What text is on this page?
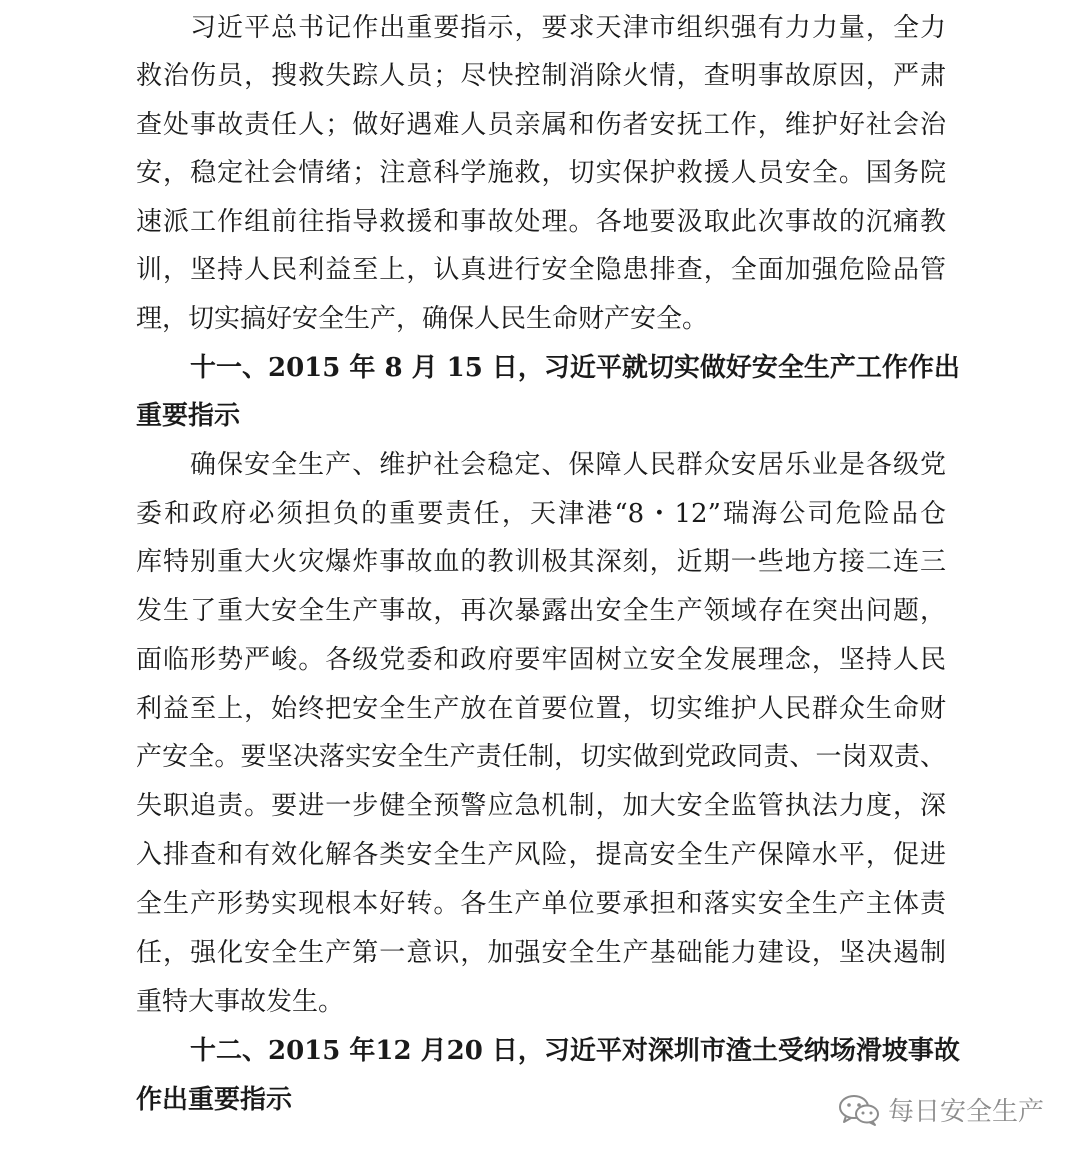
习近平总书记作出重要指示，要求天津市组织强有力力量，全力
救治伤员，搜救失踪人员；尽快控制消除火情，查明事故原因，严肃
查处事故责任人；做好遇难人员亲属和伤者安抚工作，维护好社会治
安，稳定社会情绪；注意科学施救，切实保护救援人员安全。国务院
速派工作组前往指导救援和事故处理。各地要汲取此次事故的沉痛教
训，坚持人民利益至上，认真进行安全隐患排查，全面加强危险品管
理，切实搞好安全生产，确保人民生命财产安全。
十一、2015 年 8 月 15 日，习近平就切实做好安全生产工作作出
重要指示
确保安全生产、维护社会稳定、保障人民群众安居乐业是各级党
委和政府必须担负的重要责任，天津港“8・12”瑞海公司危险品仓
库特别重大火灾爆炸事故血的教训极其深刻，近期一些地方接二连三
发生了重大安全生产事故，再次暴露出安全生产领域存在突出问题，
面临形势严峻。各级党委和政府要牢固树立安全发展理念，坚持人民
利益至上，始终把安全生产放在首要位置，切实维护人民群众生命财
产安全。要坚决落实安全生产责任制，切实做到党政同责、一岗双责、
失职追责。要进一步健全预警应急机制，加大安全监管执法力度，深
入排查和有效化解各类安全生产风险，提高安全生产保障水平，促进
全生产形势实现根本好转。各生产单位要承担和落实安全生产主体责
任，强化安全生产第一意识，加强安全生产基础能力建设，坚决遏制
重特大事故发生。
十二、2015 年12 月20 日，习近平对深圳市渣土受纳场滑坡事故
作出重要指示	每日安全生产
